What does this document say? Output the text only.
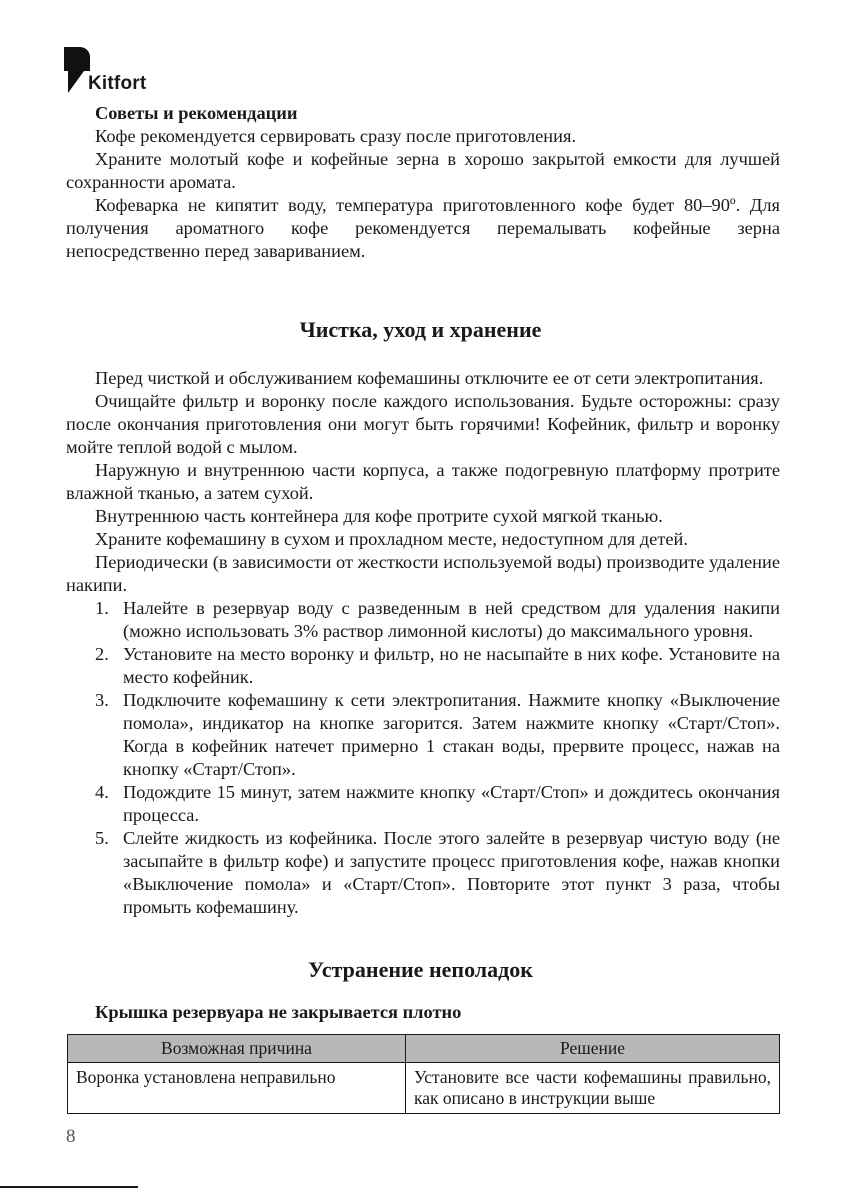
Kitfort

Советы и рекомендации

Кофе рекомендуется сервировать сразу после приготовления.

Храните молотый кофе и кофейные зерна в хорошо закрытой емкости для лучшей сохранности аромата.

Кофеварка не кипятит воду, температура приготовленного кофе будет 80–90º. Для получения ароматного кофе рекомендуется перемалывать кофейные зерна непосредственно перед завариванием.

Чистка, уход и хранение

Перед чисткой и обслуживанием кофемашины отключите ее от сети электропитания.

Очищайте фильтр и воронку после каждого использования. Будьте осторожны: сразу после окончания приготовления они могут быть горячими! Кофейник, фильтр и воронку мойте теплой водой с мылом.

Наружную и внутреннюю части корпуса, а также подогревную платформу протрите влажной тканью, а затем сухой.

Внутреннюю часть контейнера для кофе протрите сухой мягкой тканью.

Храните кофемашину в сухом и прохладном месте, недоступном для детей.

Периодически (в зависимости от жесткости используемой воды) производите удаление накипи.

1. Налейте в резервуар воду с разведенным в ней средством для удаления накипи (можно использовать 3% раствор лимонной кислоты) до максимального уровня.
2. Установите на место воронку и фильтр, но не насыпайте в них кофе. Установите на место кофейник.
3. Подключите кофемашину к сети электропитания. Нажмите кнопку «Выключение помола», индикатор на кнопке загорится. Затем нажмите кнопку «Старт/Стоп». Когда в кофейник натечет примерно 1 стакан воды, прервите процесс, нажав на кнопку «Старт/Стоп».
4. Подождите 15 минут, затем нажмите кнопку «Старт/Стоп» и дождитесь окончания процесса.
5. Слейте жидкость из кофейника. После этого залейте в резервуар чистую воду (не засыпайте в фильтр кофе) и запустите процесс приготовления кофе, нажав кнопки «Выключение помола» и «Старт/Стоп». Повторите этот пункт 3 раза, чтобы промыть кофемашину.
Устранение неполадок

Крышка резервуара не закрывается плотно

Возможная причина	Решение
Воронка установлена неправильно	Установите все части кофемашины правильно, как описано в инструкции выше
8
